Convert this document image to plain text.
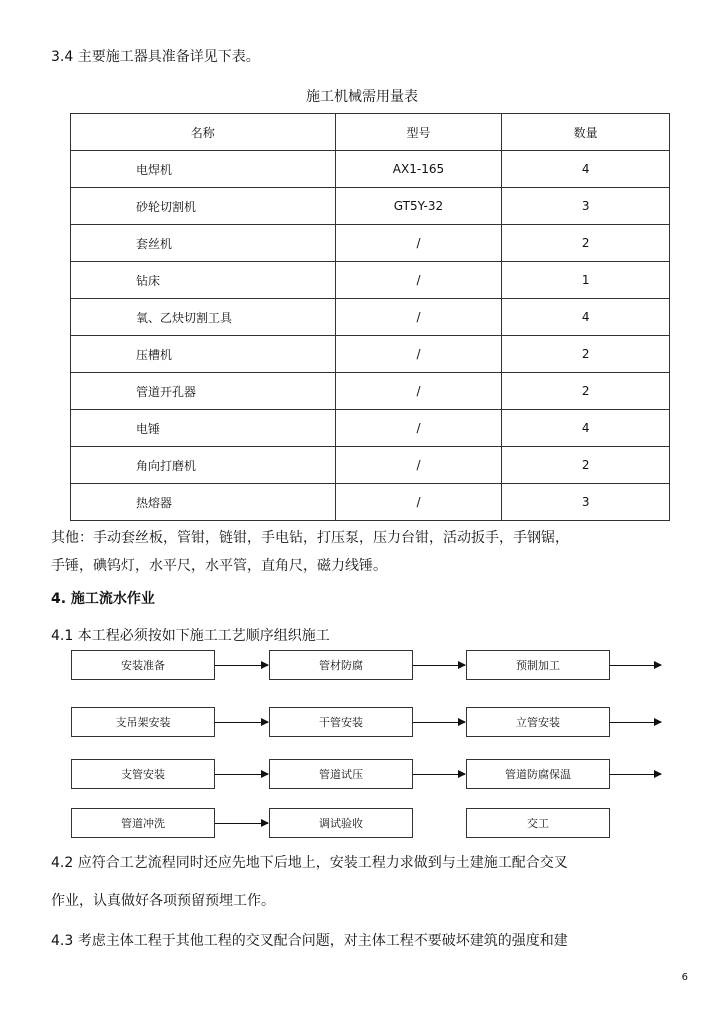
3.4 主要施工器具准备详见下表。
施工机械需用量表
名称	型号	数量
电焊机	AX1-165	4
砂轮切割机	GT5Y-32	3
套丝机	/	2
钻床	/	1
氧、乙炔切割工具	/	4
压槽机	/	2
管道开孔器	/	2
电锤	/	4
角向打磨机	/	2
热熔器	/	3
其他：手动套丝板，管钳，链钳，手电钻，打压泵，压力台钳，活动扳手，手钢锯，
手锤，碘钨灯，水平尺，水平管，直角尺，磁力线锤。
4. 施工流水作业
4.1 本工程必须按如下施工工艺顺序组织施工
安装准备	管材防腐	预制加工
支吊架安装	干管安装	立管安装
支管安装	管道试压	管道防腐保温
管道冲洗	调试验收	交工
4.2 应符合工艺流程同时还应先地下后地上，安装工程力求做到与土建施工配合交叉
作业，认真做好各项预留预埋工作。
4.3 考虑主体工程于其他工程的交叉配合问题，对主体工程不要破坏建筑的强度和建
6
